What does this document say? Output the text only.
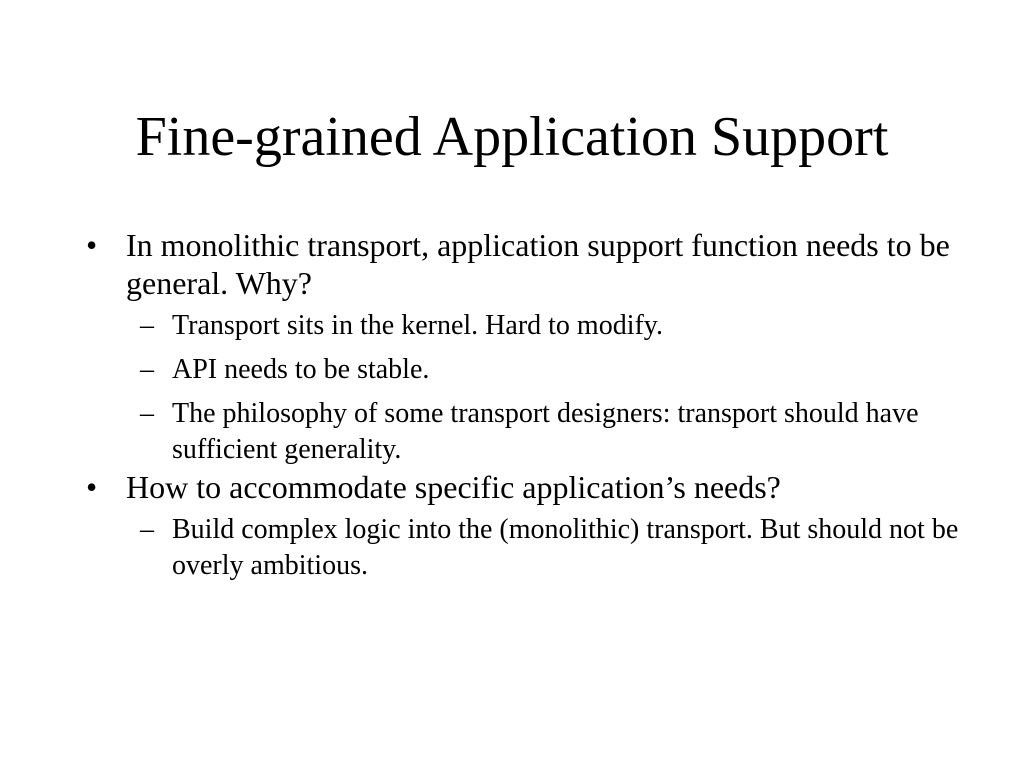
Fine-grained Application Support
• In monolithic transport, application support function needs to be general. Why?
– Transport sits in the kernel. Hard to modify.
– API needs to be stable.
– The philosophy of some transport designers: transport should have sufficient generality.
• How to accommodate specific application’s needs?
– Build complex logic into the (monolithic) transport. But should not be overly ambitious.
